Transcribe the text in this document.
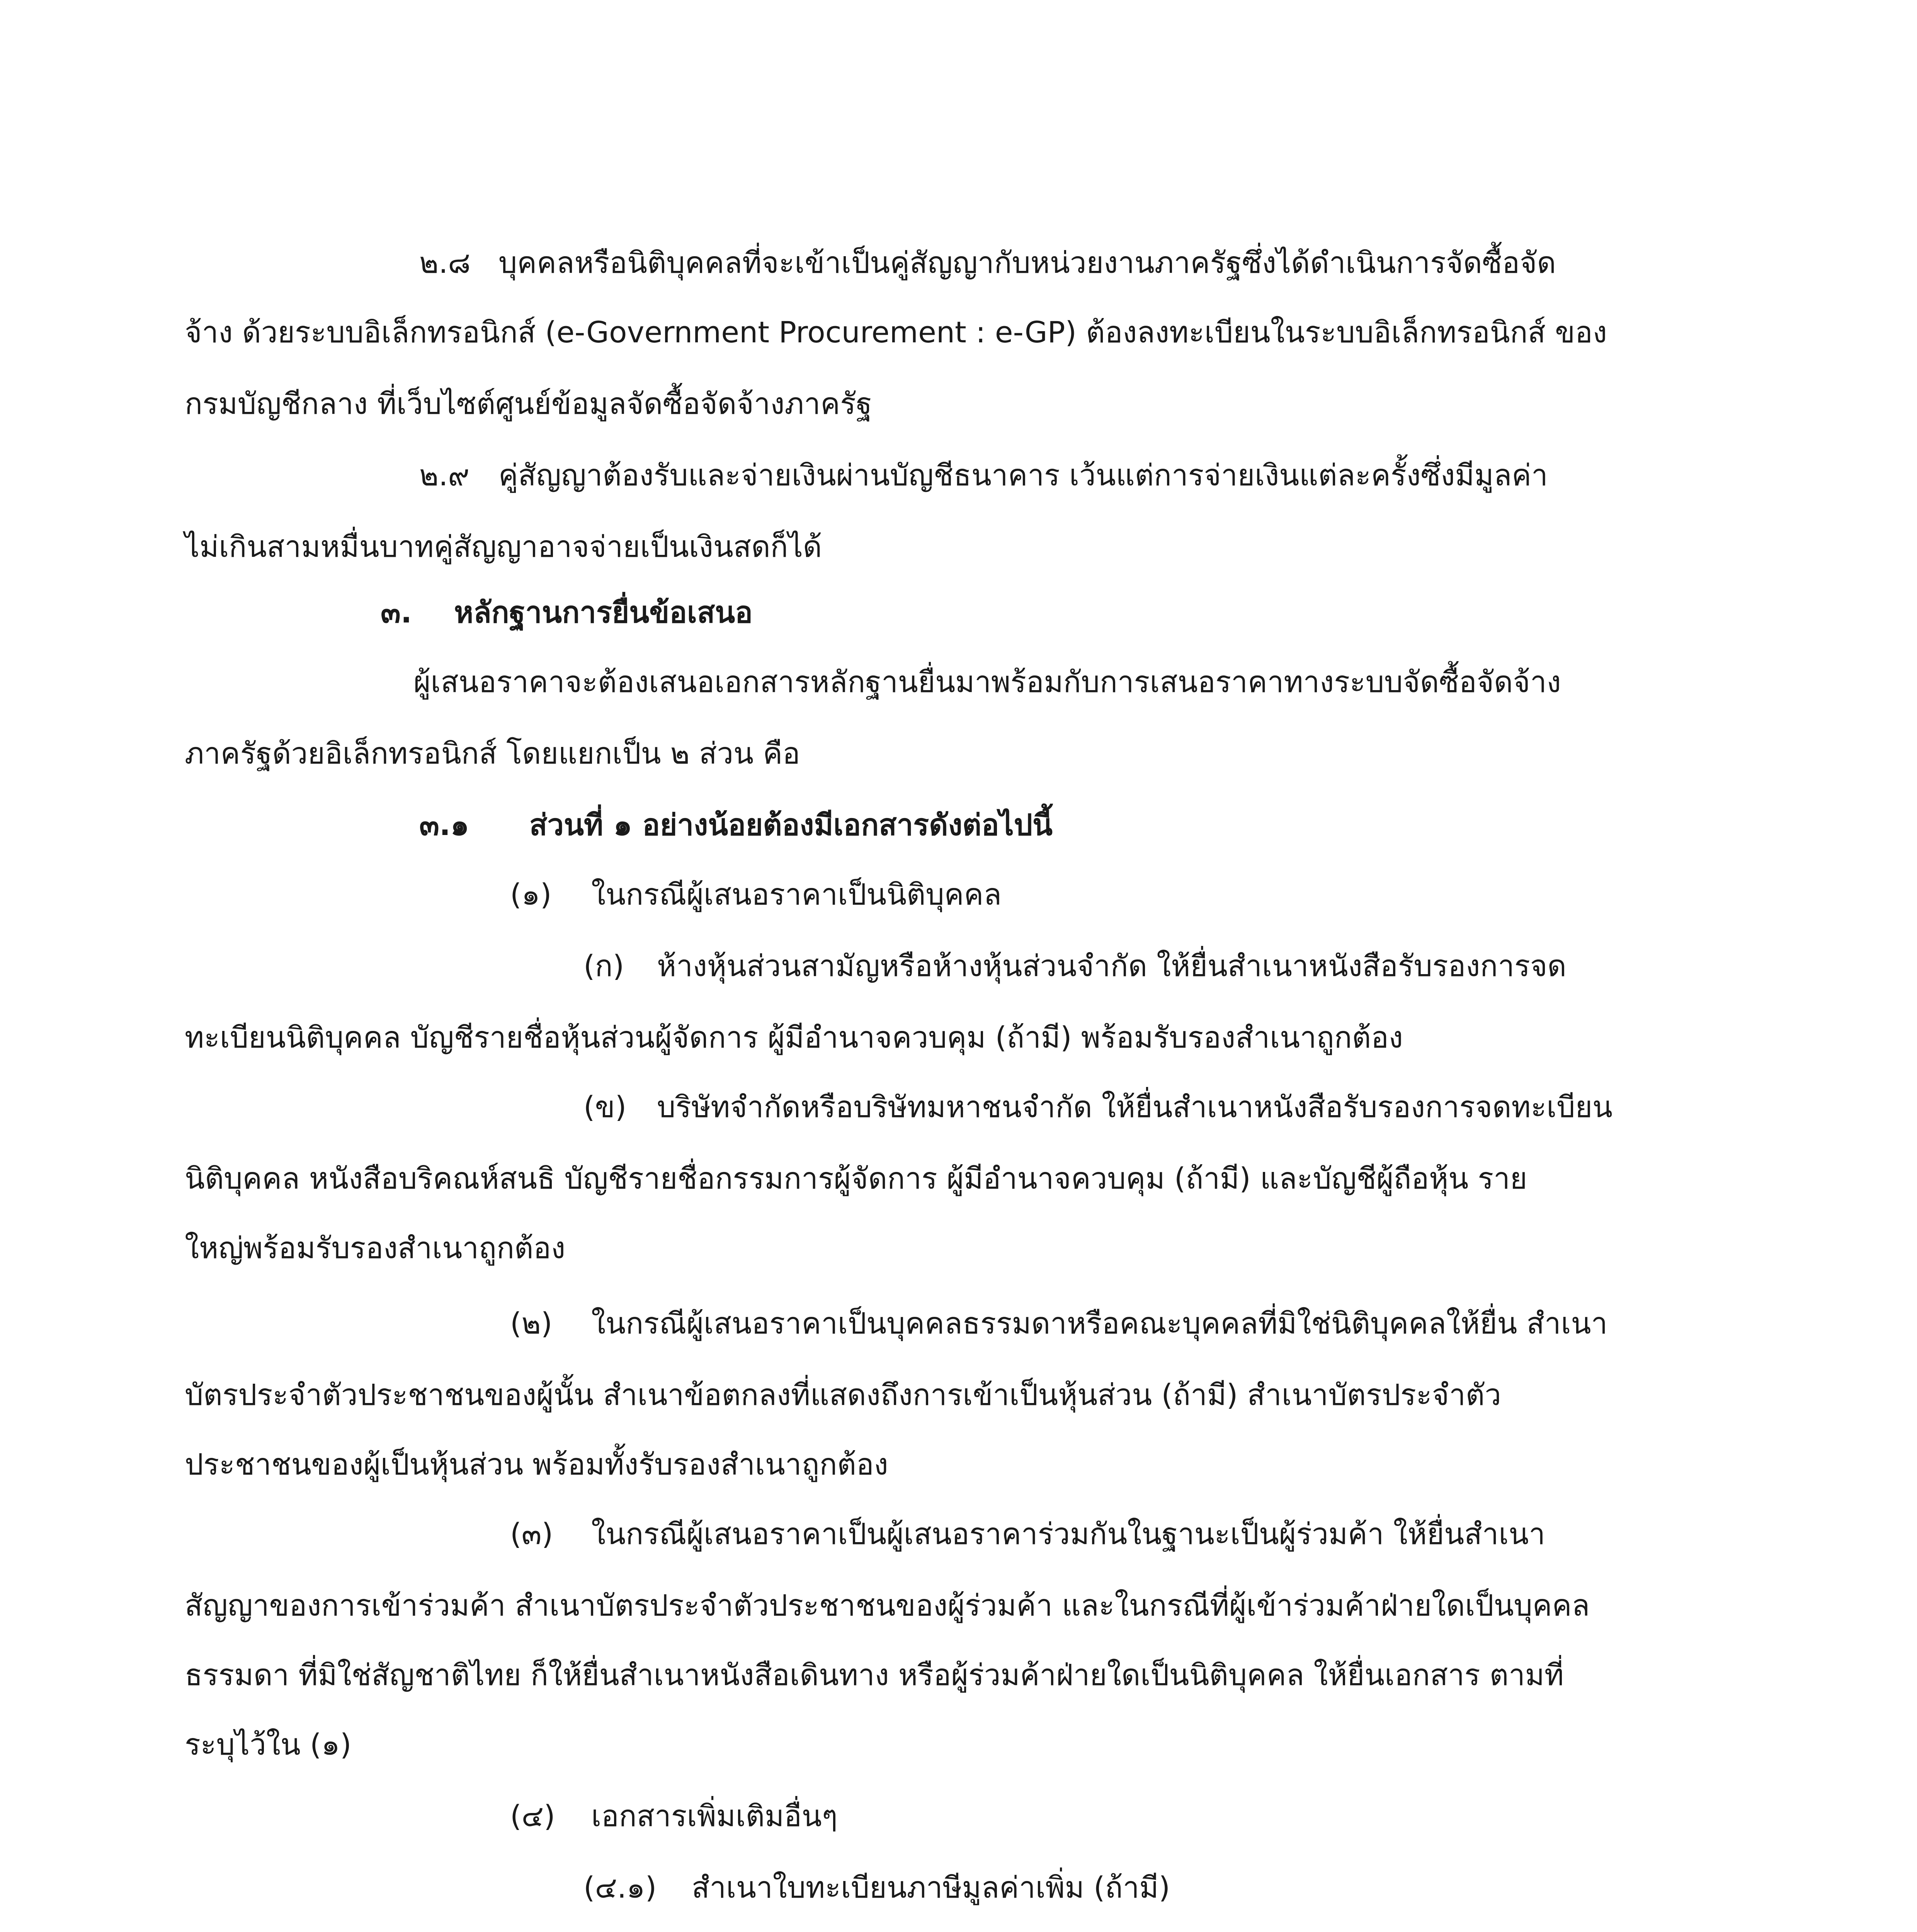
๒.๘ บุคคลหรือนิติบุคคลที่จะเข้าเป็นคู่สัญญากับหน่วยงานภาครัฐซึ่งได้ดำเนินการจัดซื้อจัด
จ้าง ด้วยระบบอิเล็กทรอนิกส์ (e-Government Procurement : e-GP) ต้องลงทะเบียนในระบบอิเล็กทรอนิกส์ ของ
กรมบัญชีกลาง ที่เว็บไซต์ศูนย์ข้อมูลจัดซื้อจัดจ้างภาครัฐ
๒.๙ คู่สัญญาต้องรับและจ่ายเงินผ่านบัญชีธนาคาร เว้นแต่การจ่ายเงินแต่ละครั้งซึ่งมีมูลค่า
ไม่เกินสามหมื่นบาทคู่สัญญาอาจจ่ายเป็นเงินสดก็ได้
๓. หลักฐานการยื่นข้อเสนอ
ผู้เสนอราคาจะต้องเสนอเอกสารหลักฐานยื่นมาพร้อมกับการเสนอราคาทางระบบจัดซื้อจัดจ้าง
ภาครัฐด้วยอิเล็กทรอนิกส์ โดยแยกเป็น ๒ ส่วน คือ
๓.๑ ส่วนที่ ๑ อย่างน้อยต้องมีเอกสารดังต่อไปนี้
(๑) ในกรณีผู้เสนอราคาเป็นนิติบุคคล
(ก) ห้างหุ้นส่วนสามัญหรือห้างหุ้นส่วนจำกัด ให้ยื่นสำเนาหนังสือรับรองการจด
ทะเบียนนิติบุคคล บัญชีรายชื่อหุ้นส่วนผู้จัดการ ผู้มีอำนาจควบคุม (ถ้ามี) พร้อมรับรองสำเนาถูกต้อง
(ข) บริษัทจำกัดหรือบริษัทมหาชนจำกัด ให้ยื่นสำเนาหนังสือรับรองการจดทะเบียน
นิติบุคคล หนังสือบริคณห์สนธิ บัญชีรายชื่อกรรมการผู้จัดการ ผู้มีอำนาจควบคุม (ถ้ามี) และบัญชีผู้ถือหุ้น ราย
ใหญ่พร้อมรับรองสำเนาถูกต้อง
(๒) ในกรณีผู้เสนอราคาเป็นบุคคลธรรมดาหรือคณะบุคคลที่มิใช่นิติบุคคลให้ยื่น สำเนา
บัตรประจำตัวประชาชนของผู้นั้น สำเนาข้อตกลงที่แสดงถึงการเข้าเป็นหุ้นส่วน (ถ้ามี) สำเนาบัตรประจำตัว
ประชาชนของผู้เป็นหุ้นส่วน พร้อมทั้งรับรองสำเนาถูกต้อง
(๓) ในกรณีผู้เสนอราคาเป็นผู้เสนอราคาร่วมกันในฐานะเป็นผู้ร่วมค้า ให้ยื่นสำเนา
สัญญาของการเข้าร่วมค้า สำเนาบัตรประจำตัวประชาชนของผู้ร่วมค้า และในกรณีที่ผู้เข้าร่วมค้าฝ่ายใดเป็นบุคคล
ธรรมดา ที่มิใช่สัญชาติไทย ก็ให้ยื่นสำเนาหนังสือเดินทาง หรือผู้ร่วมค้าฝ่ายใดเป็นนิติบุคคล ให้ยื่นเอกสาร ตามที่
ระบุไว้ใน (๑)
(๔) เอกสารเพิ่มเติมอื่นๆ
(๔.๑) สำเนาใบทะเบียนภาษีมูลค่าเพิ่ม (ถ้ามี)
